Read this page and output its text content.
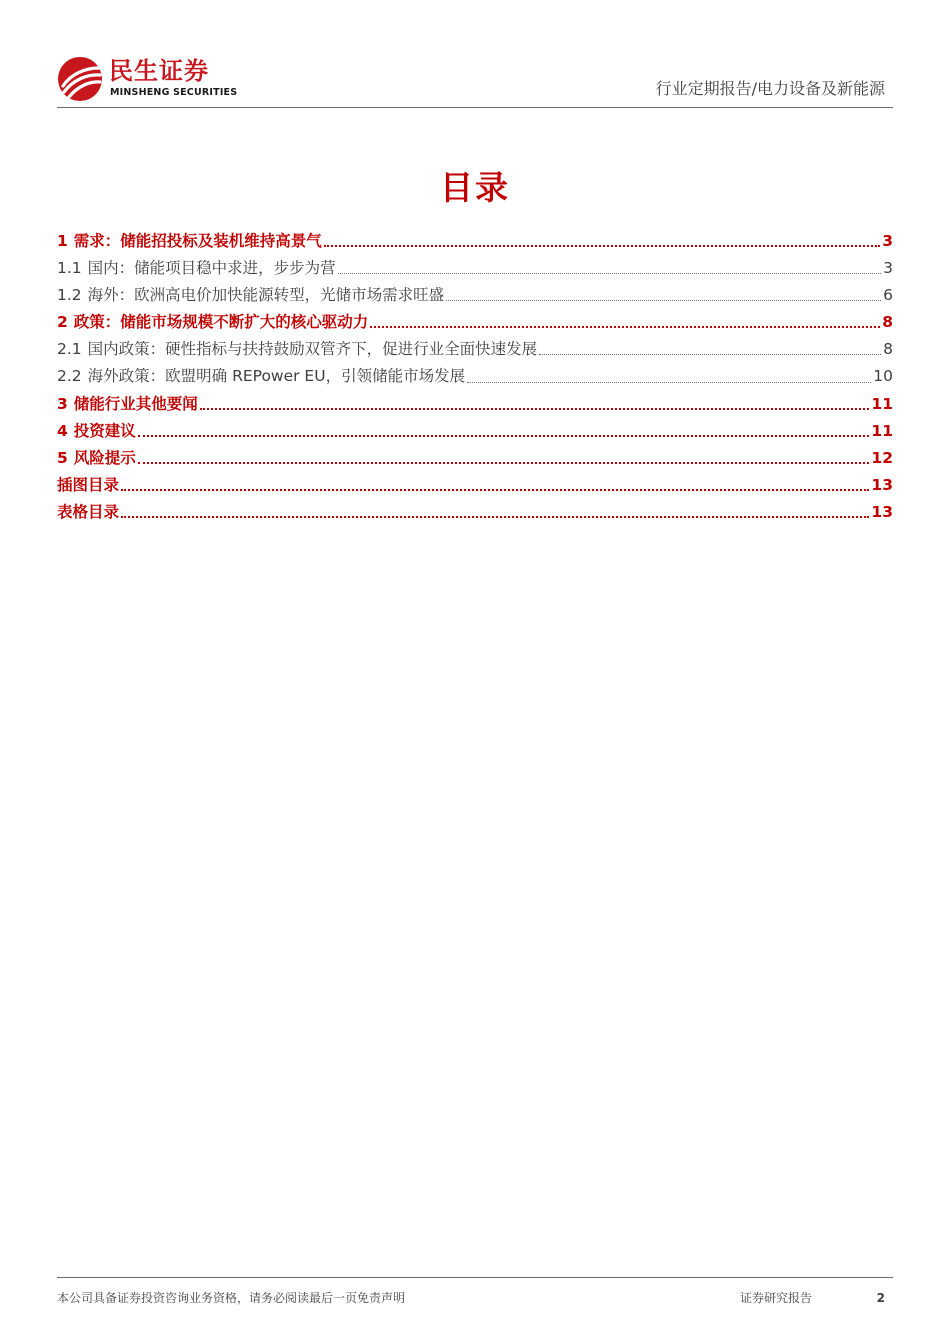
民生证券
MINSHENG SECURITIES	行业定期报告/电力设备及新能源
目录
1 需求：储能招投标及装机维持高景气	3
1.1 国内：储能项目稳中求进，步步为营	3
1.2 海外：欧洲高电价加快能源转型，光储市场需求旺盛	6
2 政策：储能市场规模不断扩大的核心驱动力	8
2.1 国内政策：硬性指标与扶持鼓励双管齐下，促进行业全面快速发展	8
2.2 海外政策：欧盟明确 REPower EU，引领储能市场发展	10
3 储能行业其他要闻	11
4 投资建议	11
5 风险提示	12
插图目录	13
表格目录	13
本公司具备证券投资咨询业务资格，请务必阅读最后一页免责声明	证券研究报告	2
